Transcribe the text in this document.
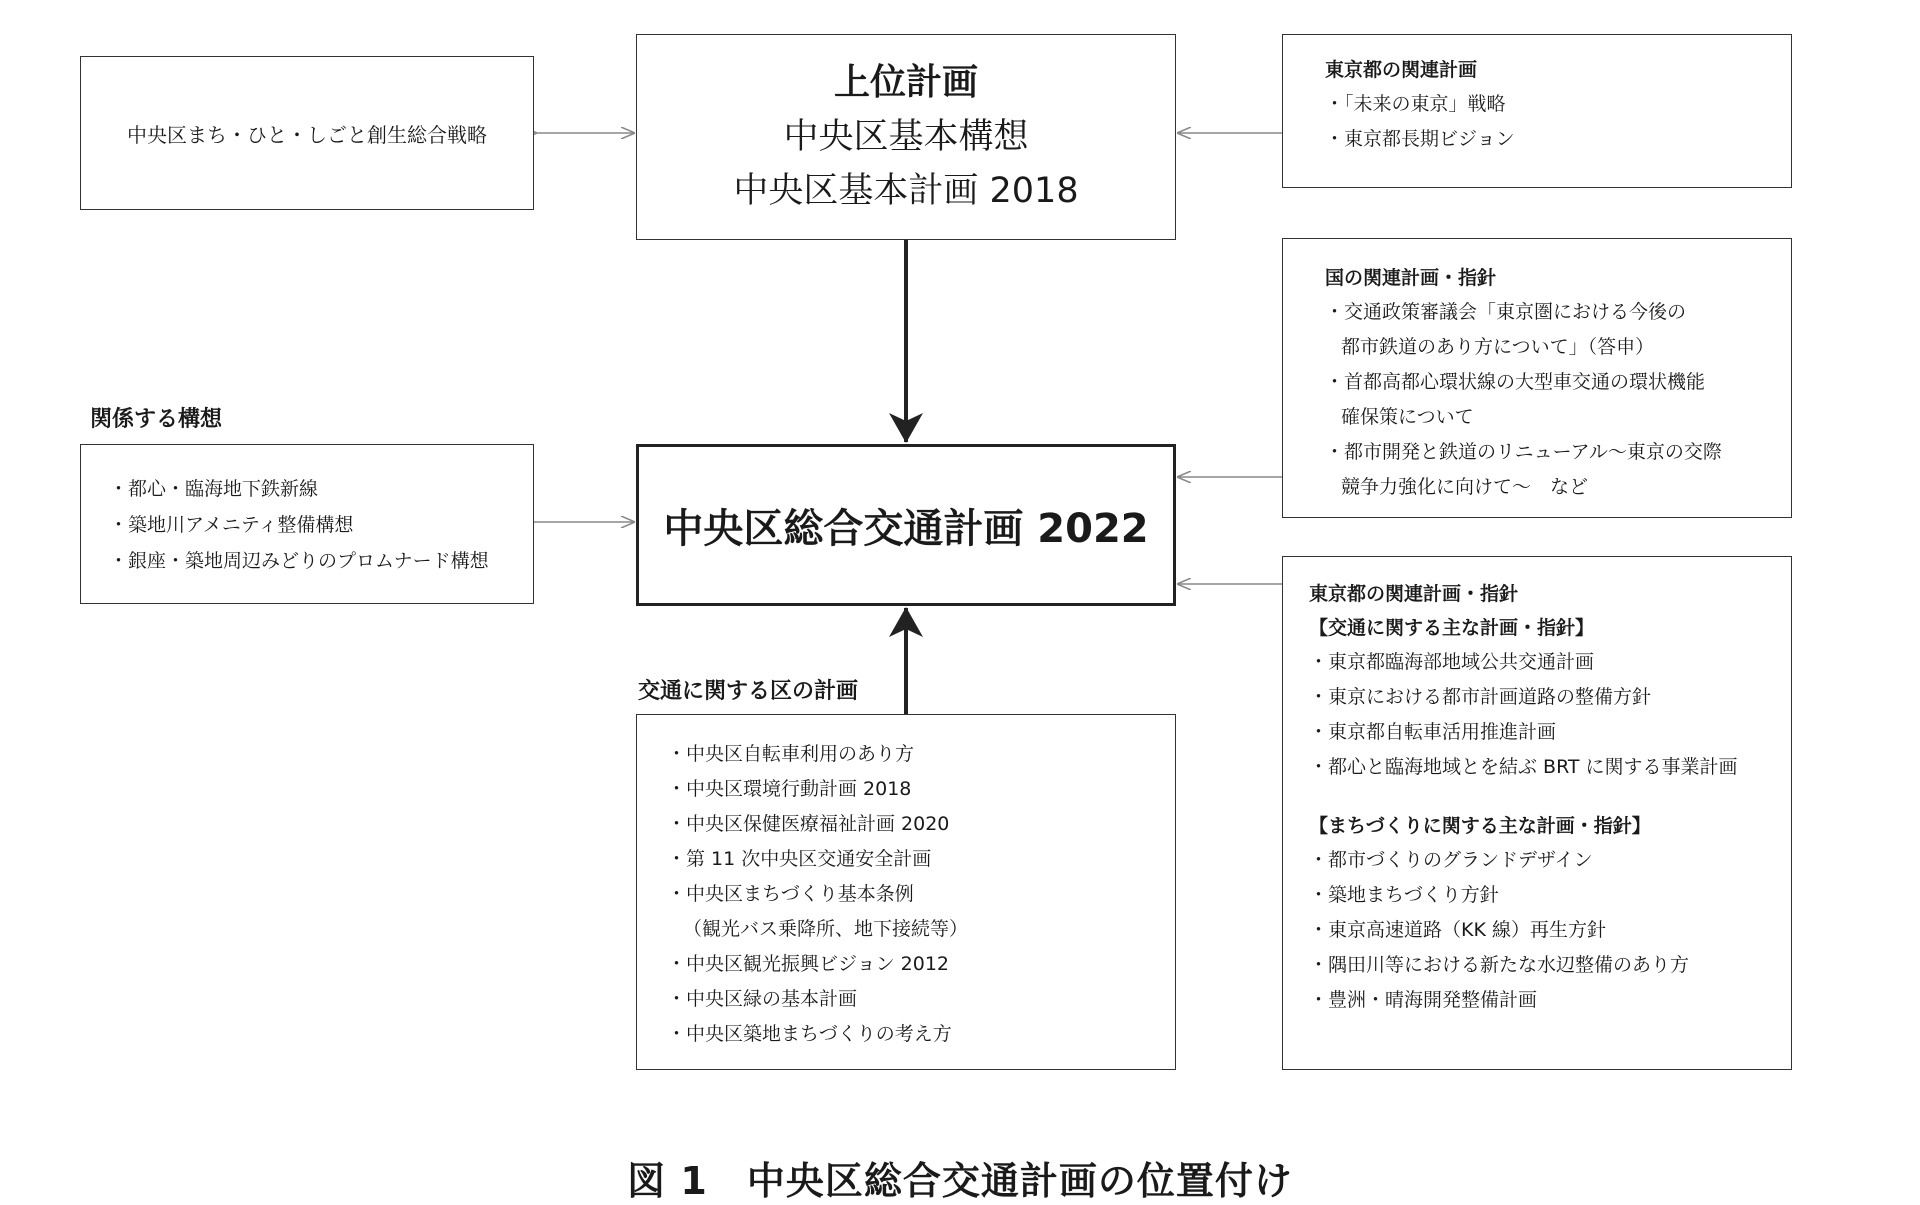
中央区まち・ひと・しごと創生総合戦略
上位計画
中央区基本構想
中央区基本計画 2018
東京都の関連計画
・「未来の東京」戦略
・東京都長期ビジョン
国の関連計画・指針
・交通政策審議会「東京圏における今後の
都市鉄道のあり方について」（答申）
・首都高都心環状線の大型車交通の環状機能
確保策について
・都市開発と鉄道のリニューアル～東京の交際
競争力強化に向けて～　など
関係する構想
・都心・臨海地下鉄新線
・築地川アメニティ整備構想
・銀座・築地周辺みどりのプロムナード構想
中央区総合交通計画 2022
交通に関する区の計画
・中央区自転車利用のあり方
・中央区環境行動計画 2018
・中央区保健医療福祉計画 2020
・第 11 次中央区交通安全計画
・中央区まちづくり基本条例
（観光バス乗降所、地下接続等）
・中央区観光振興ビジョン 2012
・中央区緑の基本計画
・中央区築地まちづくりの考え方
東京都の関連計画・指針
【交通に関する主な計画・指針】
・東京都臨海部地域公共交通計画
・東京における都市計画道路の整備方針
・東京都自転車活用推進計画
・都心と臨海地域とを結ぶ BRT に関する事業計画
【まちづくりに関する主な計画・指針】
・都市づくりのグランドデザイン
・築地まちづくり方針
・東京高速道路（KK 線）再生方針
・隅田川等における新たな水辺整備のあり方
・豊洲・晴海開発整備計画
図 1　中央区総合交通計画の位置付け
